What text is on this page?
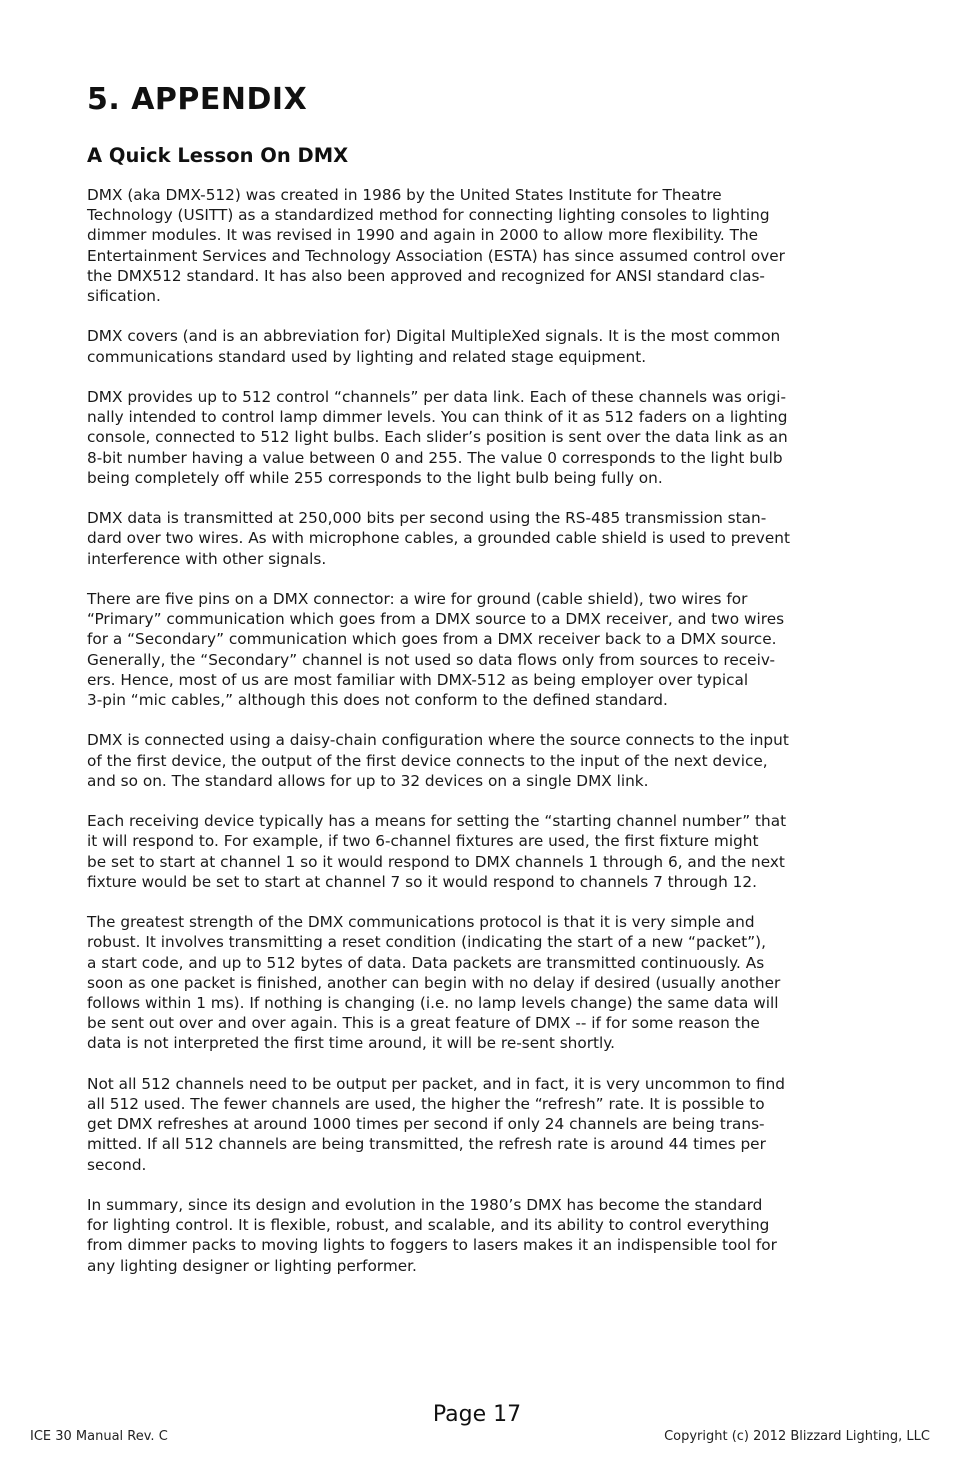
5. APPENDIX
A Quick Lesson On DMX

DMX (aka DMX-512) was created in 1986 by the United States Institute for Theatre
Technology (USITT) as a standardized method for connecting lighting consoles to lighting
dimmer modules. It was revised in 1990 and again in 2000 to allow more flexibility. The
Entertainment Services and Technology Association (ESTA) has since assumed control over
the DMX512 standard. It has also been approved and recognized for ANSI standard clas-
sification.

DMX covers (and is an abbreviation for) Digital MultipleXed signals. It is the most common
communications standard used by lighting and related stage equipment.

DMX provides up to 512 control “channels” per data link. Each of these channels was origi-
nally intended to control lamp dimmer levels. You can think of it as 512 faders on a lighting
console, connected to 512 light bulbs. Each slider’s position is sent over the data link as an
8-bit number having a value between 0 and 255. The value 0 corresponds to the light bulb
being completely off while 255 corresponds to the light bulb being fully on.

DMX data is transmitted at 250,000 bits per second using the RS-485 transmission stan-
dard over two wires. As with microphone cables, a grounded cable shield is used to prevent
interference with other signals.

There are five pins on a DMX connector: a wire for ground (cable shield), two wires for
“Primary” communication which goes from a DMX source to a DMX receiver, and two wires
for a “Secondary” communication which goes from a DMX receiver back to a DMX source.
Generally, the “Secondary” channel is not used so data flows only from sources to receiv-
ers. Hence, most of us are most familiar with DMX-512 as being employer over typical
3-pin “mic cables,” although this does not conform to the defined standard.

DMX is connected using a daisy-chain configuration where the source connects to the input
of the first device, the output of the first device connects to the input of the next device,
and so on. The standard allows for up to 32 devices on a single DMX link.

Each receiving device typically has a means for setting the “starting channel number” that
it will respond to. For example, if two 6-channel fixtures are used, the first fixture might
be set to start at channel 1 so it would respond to DMX channels 1 through 6, and the next
fixture would be set to start at channel 7 so it would respond to channels 7 through 12.

The greatest strength of the DMX communications protocol is that it is very simple and
robust. It involves transmitting a reset condition (indicating the start of a new “packet”),
a start code, and up to 512 bytes of data. Data packets are transmitted continuously. As
soon as one packet is finished, another can begin with no delay if desired (usually another
follows within 1 ms). If nothing is changing (i.e. no lamp levels change) the same data will
be sent out over and over again. This is a great feature of DMX -- if for some reason the
data is not interpreted the first time around, it will be re-sent shortly.

Not all 512 channels need to be output per packet, and in fact, it is very uncommon to find
all 512 used. The fewer channels are used, the higher the “refresh” rate. It is possible to
get DMX refreshes at around 1000 times per second if only 24 channels are being trans-
mitted. If all 512 channels are being transmitted, the refresh rate is around 44 times per
second.

In summary, since its design and evolution in the 1980’s DMX has become the standard
for lighting control. It is flexible, robust, and scalable, and its ability to control everything
from dimmer packs to moving lights to foggers to lasers makes it an indispensible tool for
any lighting designer or lighting performer.

Page 17
ICE 30 Manual Rev. C	Copyright (c) 2012 Blizzard Lighting, LLC
